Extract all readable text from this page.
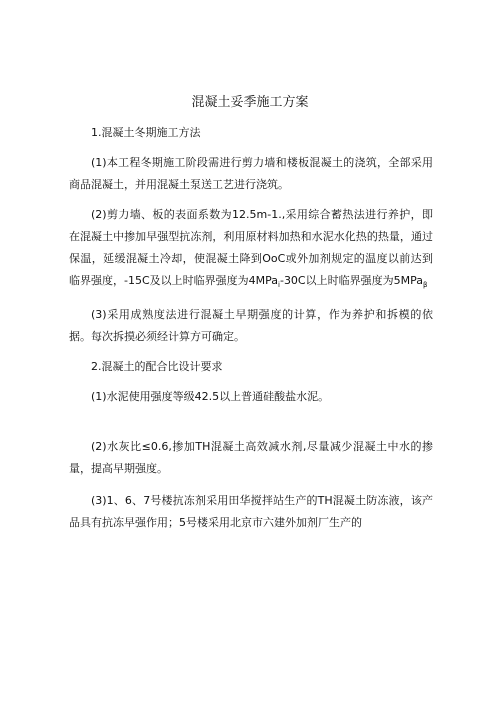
混凝土妥季施工方案

1.混凝土冬期施工方法

(1)本工程冬期施工阶段需进行剪力墙和楼板混凝土的浇筑，全部采用商品混凝土，并用混凝土泵送工艺进行浇筑。

(2)剪力墙、板的表面系数为12.5m-1.,采用综合蓄热法进行养护，即在混凝土中掺加早强型抗冻剂，利用原材料加热和水泥水化热的热量，通过保温，延缓混凝土冷却，使混凝土降到OoC或外加剂规定的温度以前达到临界强度，-15C及以上时临界强度为4MPa$_i$-30C以上时临界强度为5MPa$_\beta$

(3)采用成熟度法进行混凝土早期强度的计算，作为养护和拆模的依据。每次拆摸必须经计算方可确定。

2.混凝土的配合比设计要求

(1)水泥使用强度等级42.5以上普通硅酸盐水泥。

(2)水灰比≤0.6,掺加TH混凝土高效减水剂,尽量减少混凝土中水的掺量，提高早期强度。

(3)1、6、7号楼抗冻剂采用田华搅拌站生产的TH混凝土防冻液，该产品具有抗冻早强作用；5号楼采用北京市六建外加剂厂生产的
